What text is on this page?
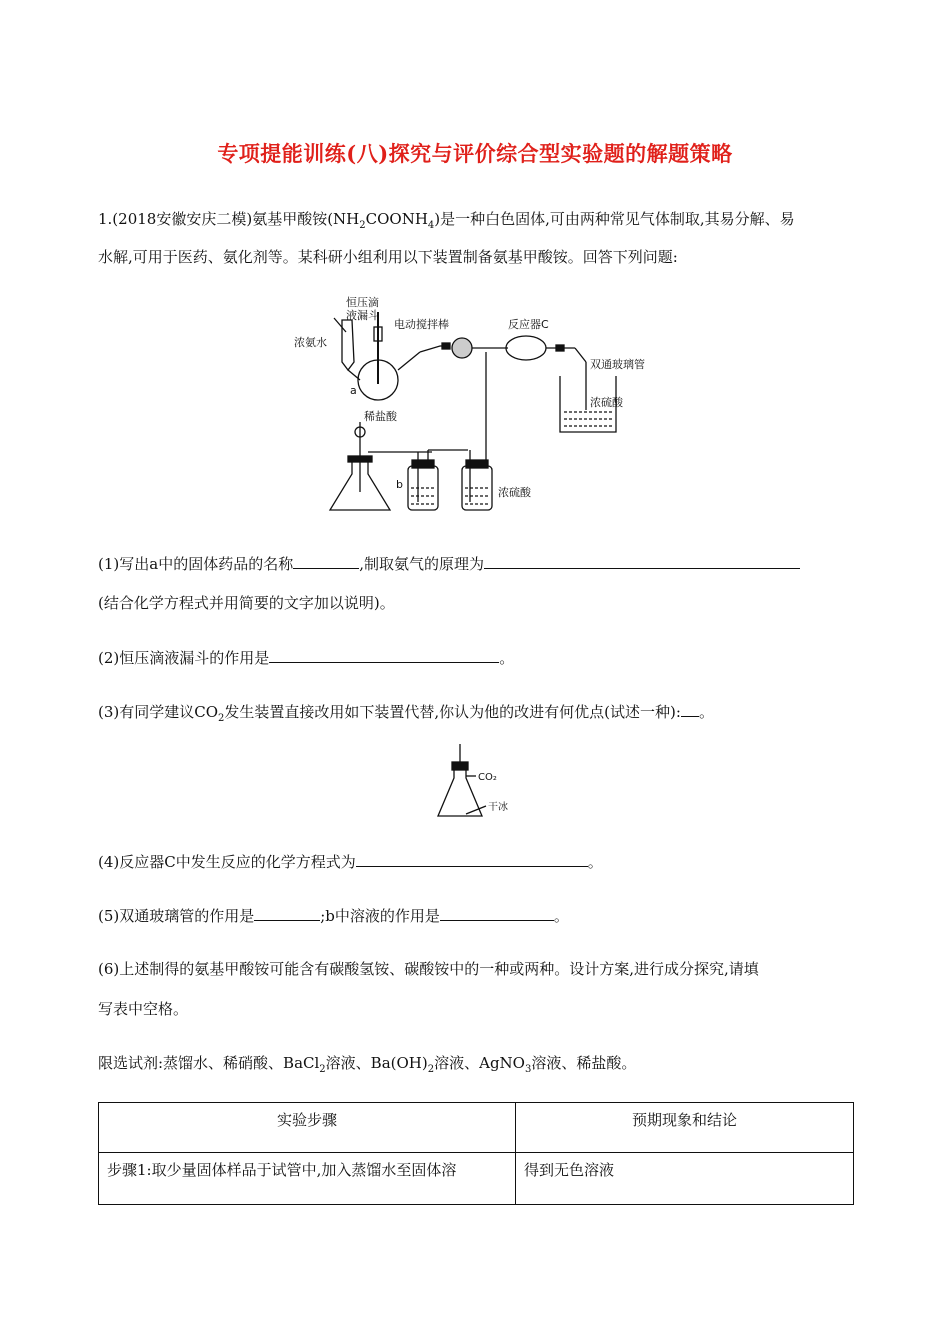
专项提能训练(八)探究与评价综合型实验题的解题策略
1.(2018安徽安庆二模)氨基甲酸铵$(NH_2COONH_4)$是一种白色固体,可由两种常见气体制取,其易分解、易
水解,可用于医药、氨化剂等。某科研小组利用以下装置制备氨基甲酸铵。回答下列问题:
恒压滴
液漏斗
浓氨水
电动搅拌棒
a
反应器C
双通玻璃管
浓硫酸
稀盐酸
b
浓硫酸
(1)写出a中的固体药品的名称	,制取氨气的原理为
(结合化学方程式并用简要的文字加以说明)。
(2)恒压滴液漏斗的作用是	。
(3)有同学建议$CO_2$发生装置直接改用如下装置代替,你认为他的改进有何优点(试述一种): 。
CO₂
干冰
(4)反应器C中发生反应的化学方程式为	。
(5)双通玻璃管的作用是	;b中溶液的作用是	。
(6)上述制得的氨基甲酸铵可能含有碳酸氢铵、碳酸铵中的一种或两种。设计方案,进行成分探究,请填
写表中空格。
限选试剂:蒸馏水、稀硝酸、BaCl$_2$溶液、$Ba(OH)_2$溶液、AgNO$_3$溶液、稀盐酸。
实验步骤	预期现象和结论
步骤1:取少量固体样品于试管中,加入蒸馏水至固体溶	得到无色溶液
